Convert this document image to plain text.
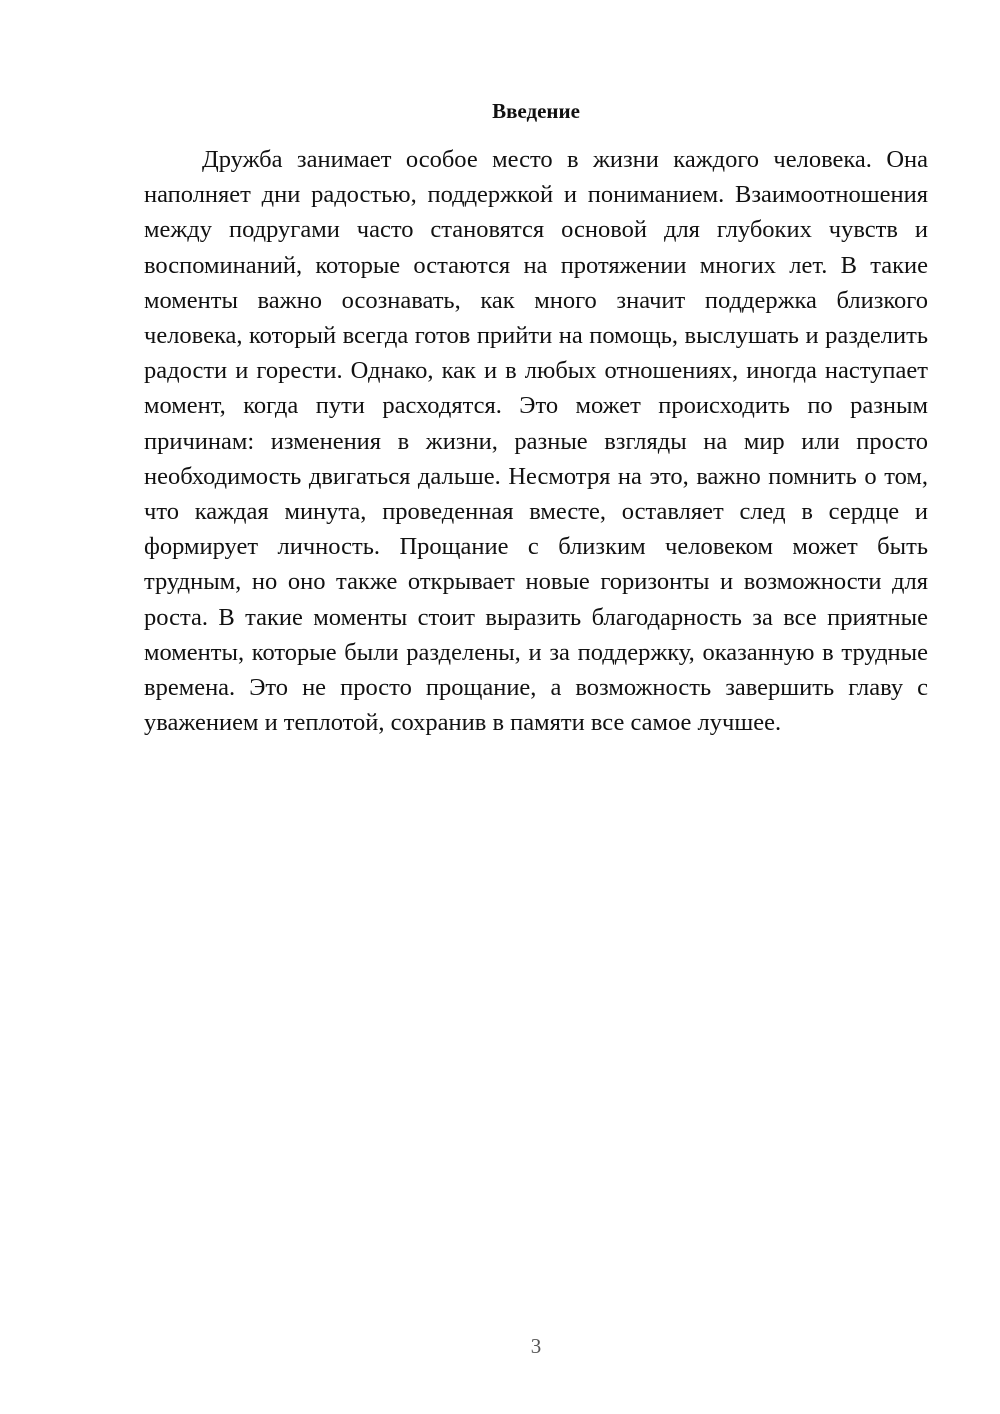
Введение

Дружба занимает особое место в жизни каждого человека. Она наполняет дни радостью, поддержкой и пониманием. Взаимоотношения между подругами часто становятся основой для глубоких чувств и воспоминаний, которые остаются на протяжении многих лет. В такие моменты важно осознавать, как много значит поддержка близкого человека, который всегда готов прийти на помощь, выслушать и разделить радости и горести. Однако, как и в любых отношениях, иногда наступает момент, когда пути расходятся. Это может происходить по разным причинам: изменения в жизни, разные взгляды на мир или просто необходимость двигаться дальше. Несмотря на это, важно помнить о том, что каждая минута, проведенная вместе, оставляет след в сердце и формирует личность. Прощание с близким человеком может быть трудным, но оно также открывает новые горизонты и возможности для роста. В такие моменты стоит выразить благодарность за все приятные моменты, которые были разделены, и за поддержку, оказанную в трудные времена. Это не просто прощание, а возможность завершить главу с уважением и теплотой, сохранив в памяти все самое лучшее.

3
